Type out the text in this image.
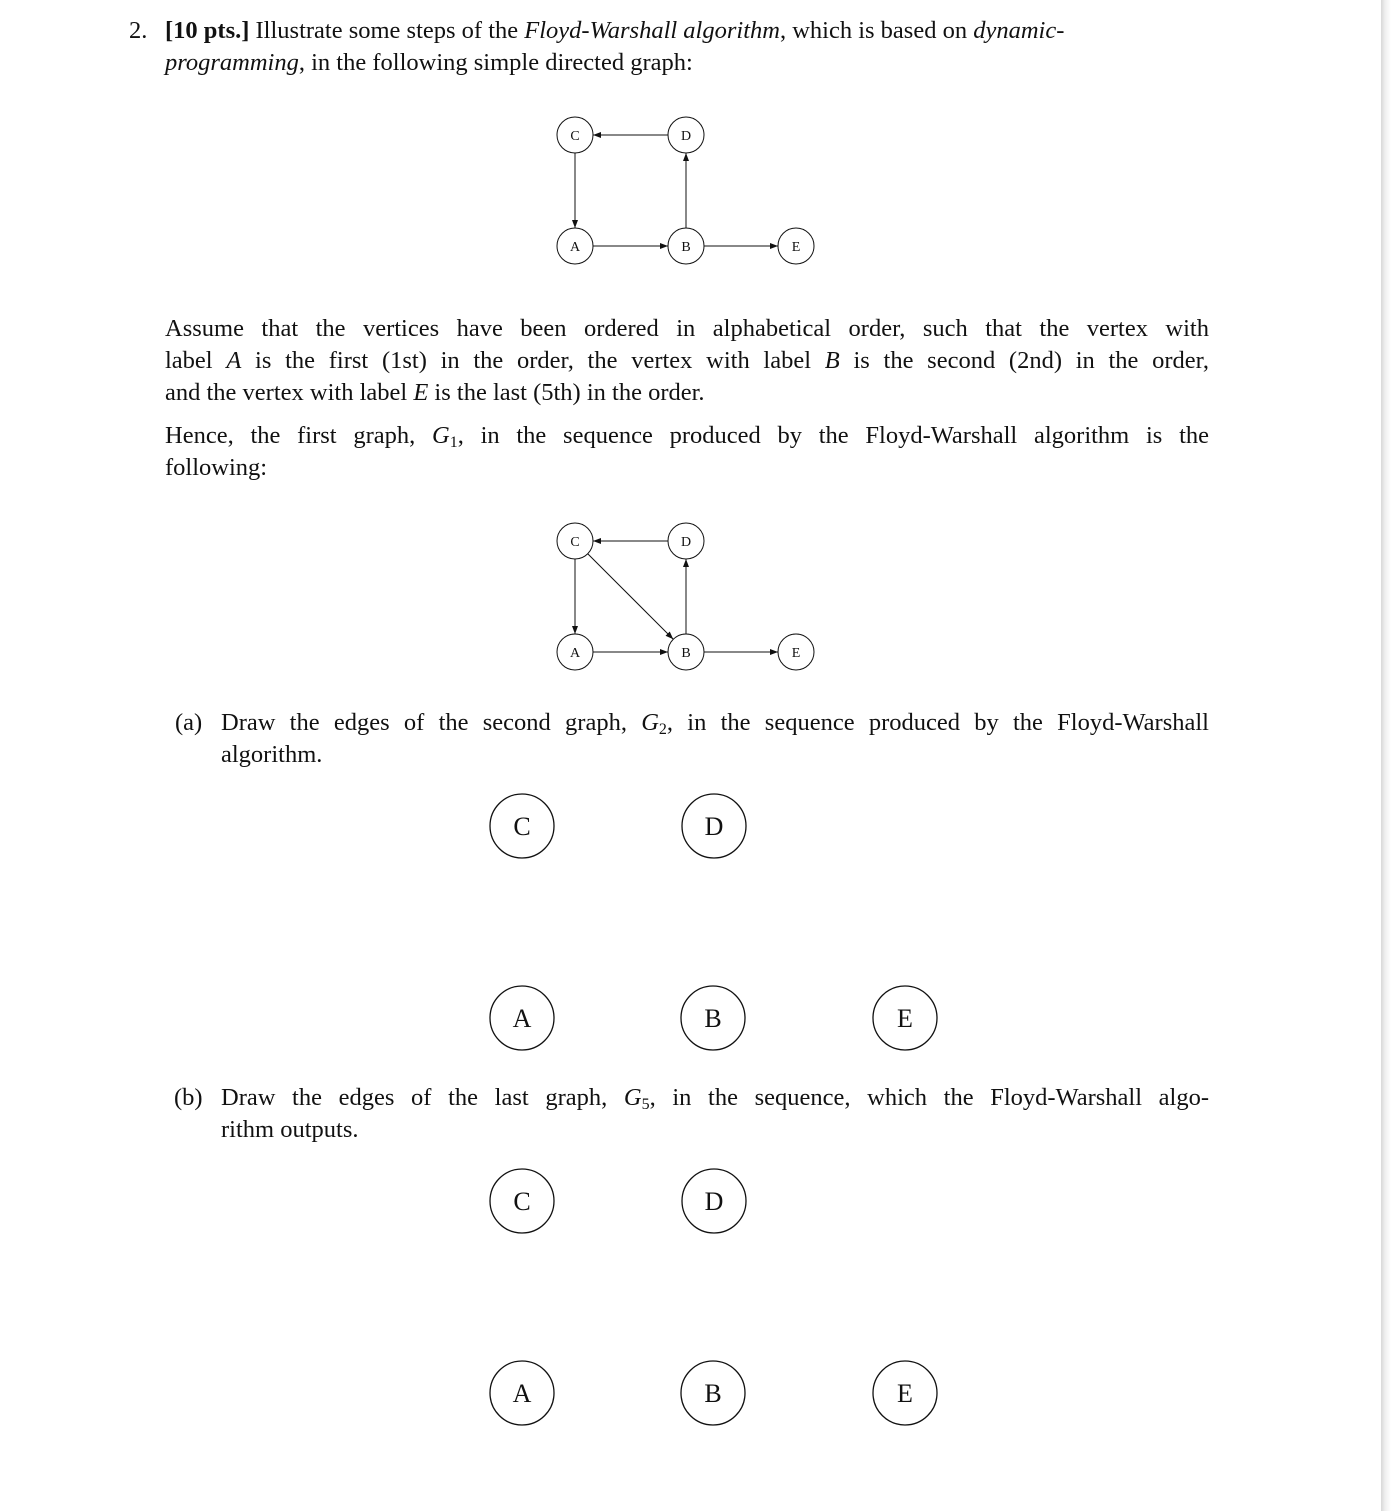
2. [10 pts.] Illustrate some steps of the Floyd-Warshall algorithm, which is based on dynamic-
programming, in the following simple directed graph:
C	D
A	B	E
Assume that the vertices have been ordered in alphabetical order, such that the vertex with
label A is the first (1st) in the order, the vertex with label B is the second (2nd) in the order,
and the vertex with label E is the last (5th) in the order.
Hence, the first graph, $G_1$, in the sequence produced by the Floyd-Warshall algorithm is the
following:
C	D
A	B	E
(a) Draw the edges of the second graph, $G_2$, in the sequence produced by the Floyd-Warshall
algorithm.
C	D
A	B	E
(b) Draw the edges of the last graph, $G_5$, in the sequence, which the Floyd-Warshall algo-
rithm outputs.
C	D
A	B	E
